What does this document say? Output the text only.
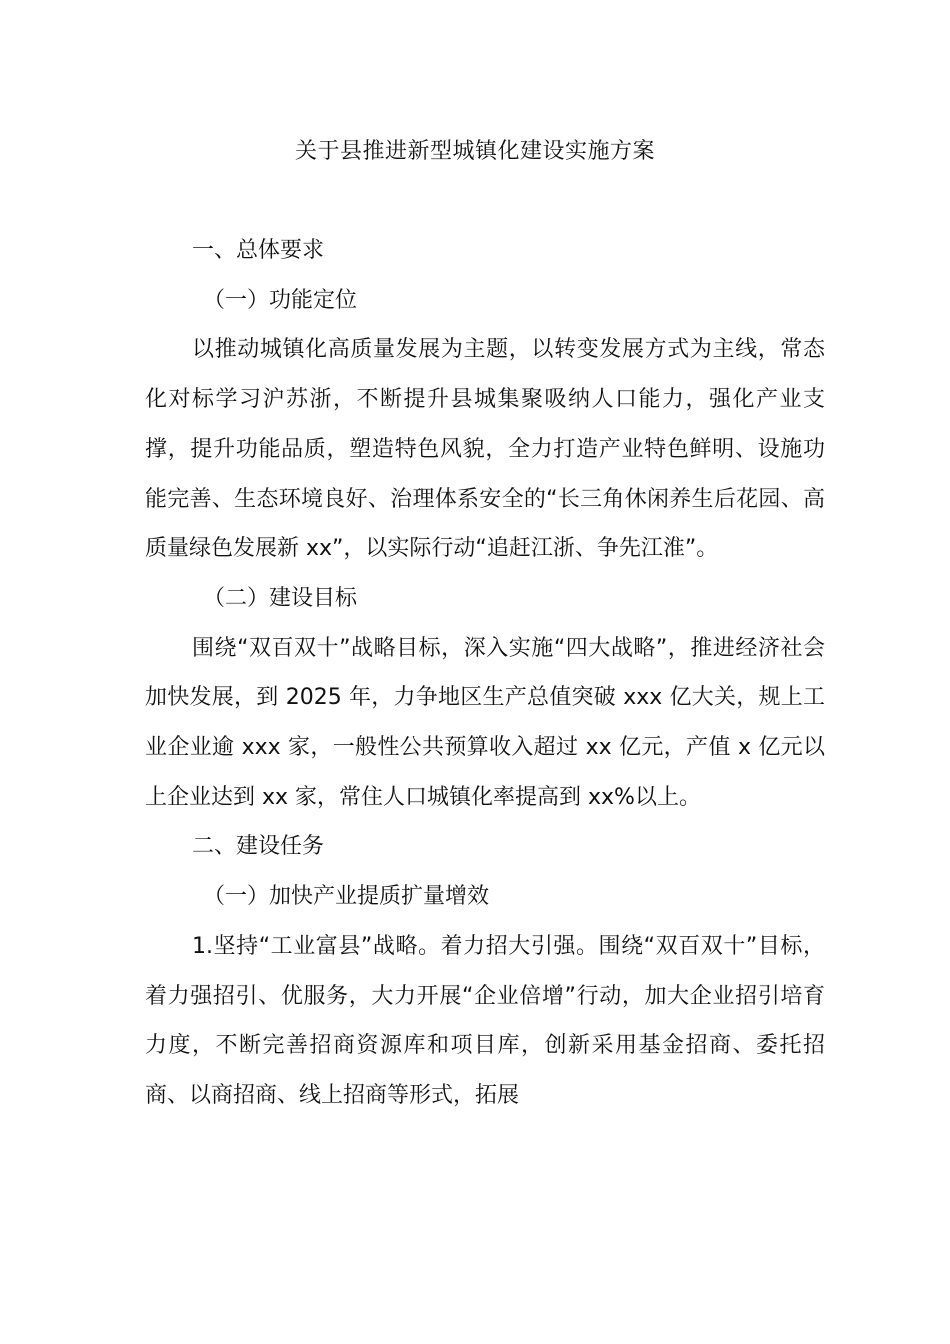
关于县推进新型城镇化建设实施方案

一、总体要求

（一）功能定位

以推动城镇化高质量发展为主题，以转变发展方式为主线，常态化对标学习沪苏浙，不断提升县城集聚吸纳人口能力，强化产业支撑，提升功能品质，塑造特色风貌，全力打造产业特色鲜明、设施功能完善、生态环境良好、治理体系安全的“长三角休闲养生后花园、高质量绿色发展新 xx”，以实际行动“追赶江浙、争先江淮”。

（二）建设目标

围绕“双百双十”战略目标，深入实施“四大战略”，推进经济社会加快发展，到 2025 年，力争地区生产总值突破 xxx 亿大关，规上工业企业逾 xxx 家，一般性公共预算收入超过 xx 亿元，产值 x 亿元以上企业达到 xx 家，常住人口城镇化率提高到 xx%以上。

二、建设任务

（一）加快产业提质扩量增效

1.坚持“工业富县”战略。着力招大引强。围绕“双百双十”目标，着力强招引、优服务，大力开展“企业倍增”行动，加大企业招引培育力度，不断完善招商资源库和项目库，创新采用基金招商、委托招商、以商招商、线上招商等形式，拓展
